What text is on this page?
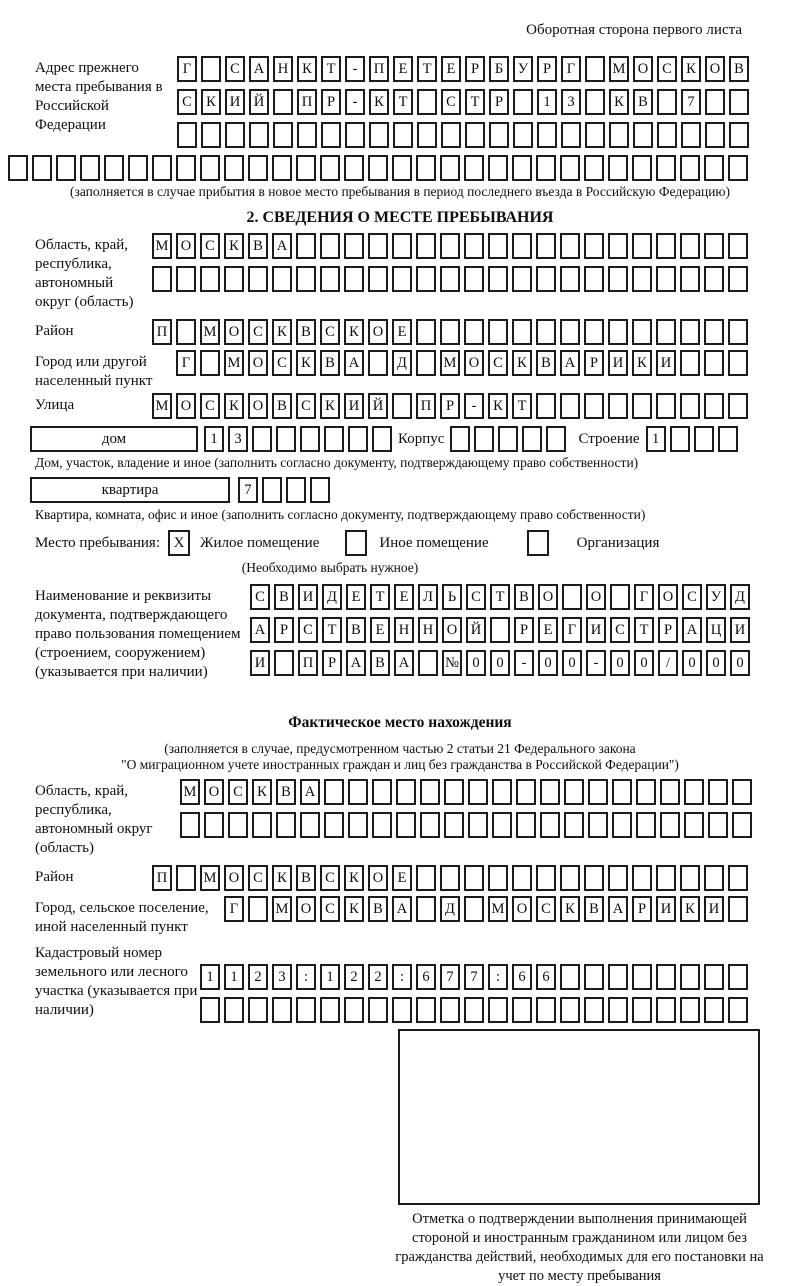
Оборотная сторона первого листа
Адрес прежнего места пребывания в Российской Федерации
Г	С А Н К	Т	-	П Е	Т	Е	Р	Б	У	Р	Г	М О С К О В
С К И Й	П	Р	-	К	Т	С	Т	Р	1	3	К В	7
(заполняется в случае прибытия в новое место пребывания в период последнего въезда в Российскую Федерацию)
2. СВЕДЕНИЯ О МЕСТЕ ПРЕБЫВАНИЯ
Область, край, республика, автономный округ (область)
М О С К В А
Район	П	М О С К В С К О Е
Город или другой населенный пункт
Г	М О С К В А	Д	М О С К В А	Р	И К И
Улица	М О С К О В С К И Й	П	Р	-	К	Т
дом	1	3	Корпус	Строение 1
Дом, участок, владение и иное (заполнить согласно документу, подтверждающему право собственности)
квартира	7
Квартира, комната, офис и иное (заполнить согласно документу, подтверждающему право собственности)
Место пребывания: X	Жилое помещение	Иное помещение	Организация
(Необходимо выбрать нужное)
Наименование и реквизиты документа, подтверждающего право пользования помещением (строением, сооружением) (указывается при наличии)
С В И Д	Е	Т	Е	Л	Ь	С	Т	В О	О	Г	О С У Д
А	Р	С	Т	В	Е Н Н О Й	Р	Е	Г	И С	Т	Р	А Ц И
И	П	Р	А В А	№ 0	0	-	0	0	-	0	0	/	0	0	0
Фактическое место нахождения
(заполняется в случае, предусмотренном частью 2 статьи 21 Федерального закона
"О миграционном учете иностранных граждан и лиц без гражданства в Российской Федерации")
Область, край, республика, автономный округ (область)
М О С К В А
Район	П	М О С К В С К О Е
Город, сельское поселение, иной населенный пункт
Г	М О С К В А	Д	М О С К В А	Р	И К И
Кадастровый номер земельного или лесного участка (указывается при наличии)
1	1	2	3	:	1	2	2	:	6	7	7	:	6	6
Отметка о подтверждении выполнения принимающей стороной и иностранным гражданином или лицом без гражданства действий, необходимых для его постановки на учет по месту пребывания
